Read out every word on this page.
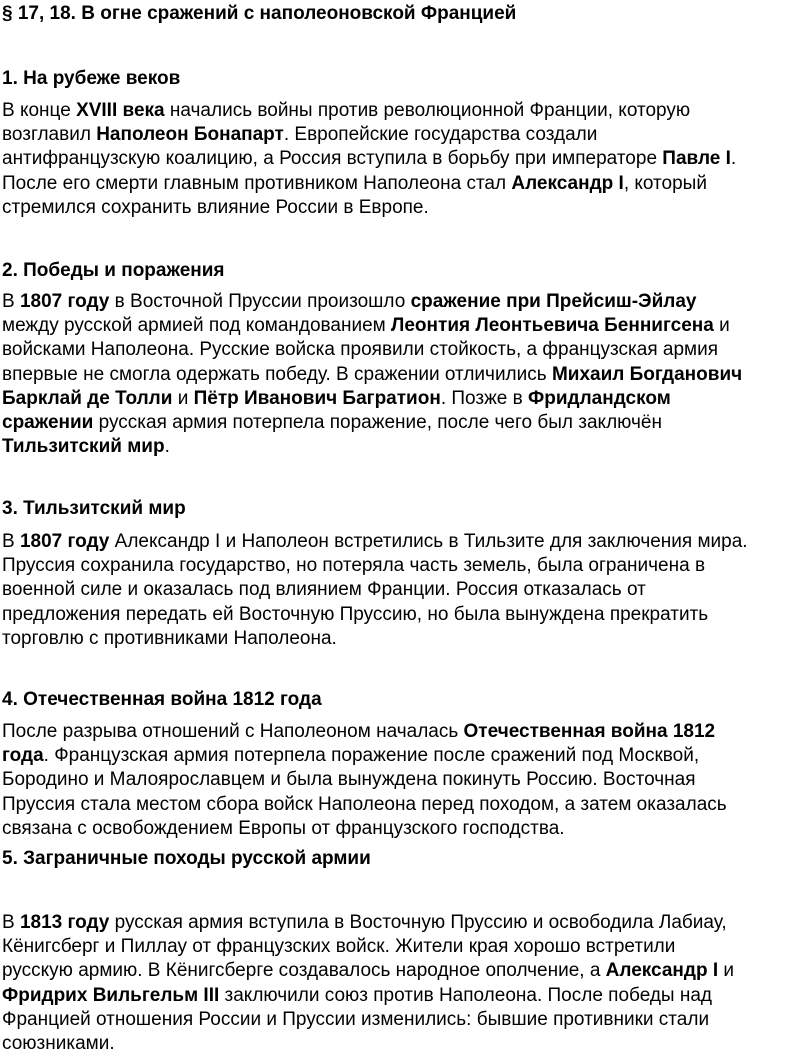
§ 17, 18. В огне сражений с наполеоновской Францией
1. На рубеже веков
В конце XVIII века начались войны против революционной Франции, которую
возглавил Наполеон Бонапарт. Европейские государства создали
антифранцузскую коалицию, а Россия вступила в борьбу при императоре Павле I.
После его смерти главным противником Наполеона стал Александр I, который
стремился сохранить влияние России в Европе.
2. Победы и поражения
В 1807 году в Восточной Пруссии произошло сражение при Прейсиш-Эйлау
между русской армией под командованием Леонтия Леонтьевича Беннигсена и
войсками Наполеона. Русские войска проявили стойкость, а французская армия
впервые не смогла одержать победу. В сражении отличились Михаил Богданович
Барклай де Толли и Пётр Иванович Багратион. Позже в Фридландском
сражении русская армия потерпела поражение, после чего был заключён
Тильзитский мир.
3. Тильзитский мир
В 1807 году Александр I и Наполеон встретились в Тильзите для заключения мира.
Пруссия сохранила государство, но потеряла часть земель, была ограничена в
военной силе и оказалась под влиянием Франции. Россия отказалась от
предложения передать ей Восточную Пруссию, но была вынуждена прекратить
торговлю с противниками Наполеона.
4. Отечественная война 1812 года
После разрыва отношений с Наполеоном началась Отечественная война 1812
года. Французская армия потерпела поражение после сражений под Москвой,
Бородино и Малоярославцем и была вынуждена покинуть Россию. Восточная
Пруссия стала местом сбора войск Наполеона перед походом, а затем оказалась
связана с освобождением Европы от французского господства.
5. Заграничные походы русской армии
В 1813 году русская армия вступила в Восточную Пруссию и освободила Лабиау,
Кёнигсберг и Пиллау от французских войск. Жители края хорошо встретили
русскую армию. В Кёнигсберге создавалось народное ополчение, а Александр I и
Фридрих Вильгельм III заключили союз против Наполеона. После победы над
Францией отношения России и Пруссии изменились: бывшие противники стали
союзниками.
